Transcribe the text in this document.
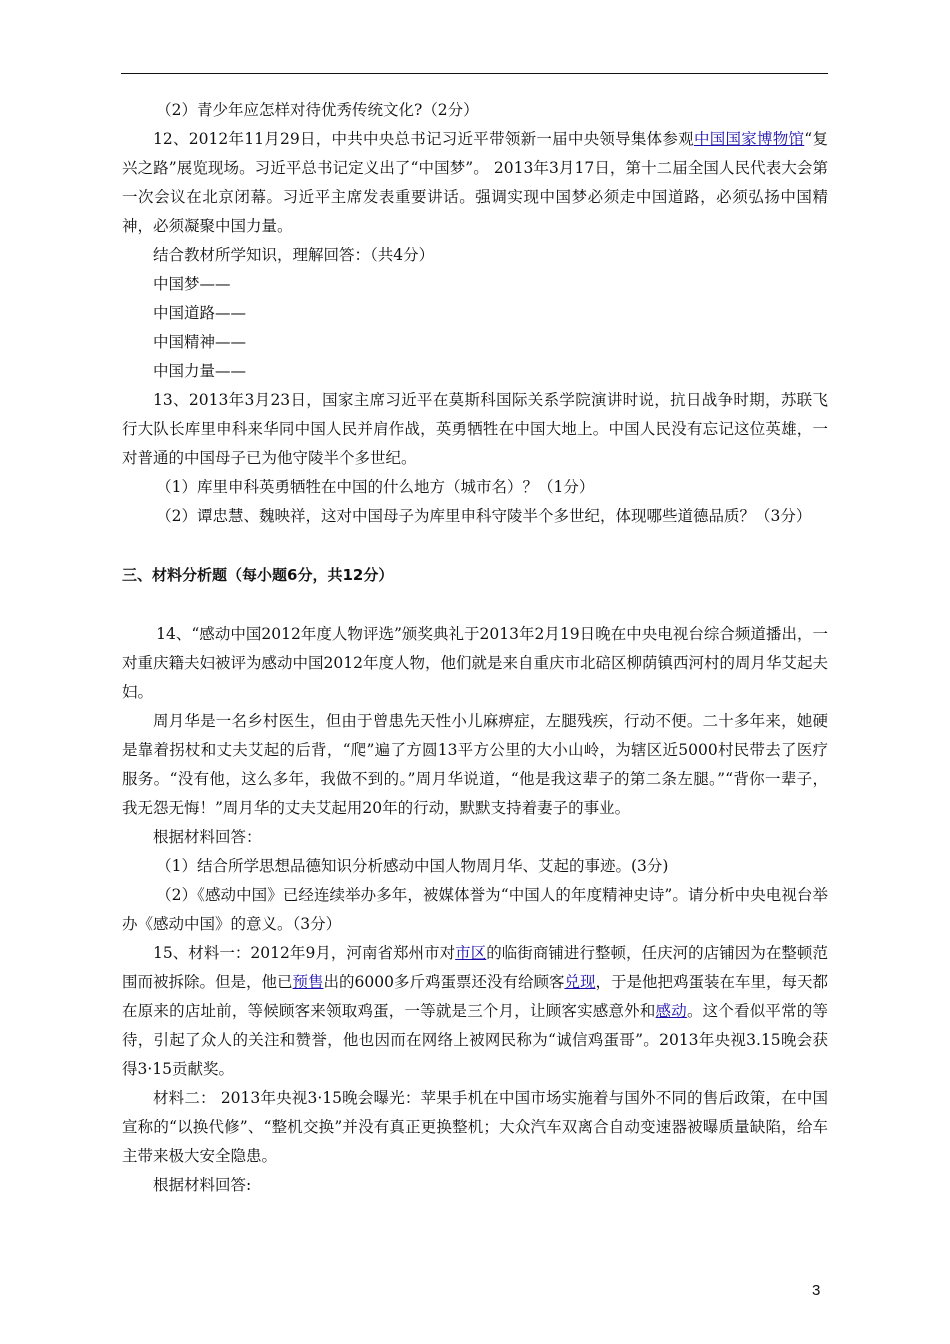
（2）青少年应怎样对待优秀传统文化?（2分）

12、2012年11月29日，中共中央总书记习近平带领新一届中央领导集体参观中国国家博物馆“复兴之路”展览现场。习近平总书记定义出了“中国梦”。 2013年3月17日，第十二届全国人民代表大会第一次会议在北京闭幕。习近平主席发表重要讲话。强调实现中国梦必须走中国道路，必须弘扬中国精神，必须凝聚中国力量。

结合教材所学知识，理解回答：（共4分）

中国梦——

中国道路——

中国精神——

中国力量——

13、2013年3月23日，国家主席习近平在莫斯科国际关系学院演讲时说，抗日战争时期，苏联飞行大队长库里申科来华同中国人民并肩作战，英勇牺牲在中国大地上。中国人民没有忘记这位英雄，一对普通的中国母子已为他守陵半个多世纪。

（1）库里申科英勇牺牲在中国的什么地方（城市名）？（1分）

（2）谭忠慧、魏映祥，这对中国母子为库里申科守陵半个多世纪，体现哪些道德品质？（3分）

三、材料分析题（每小题6分，共12分）

14、“感动中国2012年度人物评选”颁奖典礼于2013年2月19日晚在中央电视台综合频道播出，一对重庆籍夫妇被评为感动中国2012年度人物，他们就是来自重庆市北碚区柳荫镇西河村的周月华艾起夫妇。

周月华是一名乡村医生，但由于曾患先天性小儿麻痹症，左腿残疾，行动不便。二十多年来，她硬是靠着拐杖和丈夫艾起的后背，“爬”遍了方圆13平方公里的大小山岭，为辖区近5000村民带去了医疗服务。“没有他，这么多年，我做不到的。”周月华说道，“他是我这辈子的第二条左腿。”“背你一辈子，我无怨无悔！”周月华的丈夫艾起用20年的行动，默默支持着妻子的事业。

根据材料回答：

（1）结合所学思想品德知识分析感动中国人物周月华、艾起的事迹。(3分)

（2）《感动中国》已经连续举办多年，被媒体誉为“中国人的年度精神史诗”。请分析中央电视台举办《感动中国》的意义。（3分）

15、材料一：2012年9月，河南省郑州市对市区的临街商铺进行整顿，任庆河的店铺因为在整顿范围而被拆除。但是，他已预售出的6000多斤鸡蛋票还没有给顾客兑现，于是他把鸡蛋装在车里，每天都在原来的店址前，等候顾客来领取鸡蛋，一等就是三个月，让顾客实感意外和感动。这个看似平常的等待，引起了众人的关注和赞誉，他也因而在网络上被网民称为“诚信鸡蛋哥”。2013年央视3.15晚会获得3·15贡献奖。

材料二： 2013年央视3·15晚会曝光：苹果手机在中国市场实施着与国外不同的售后政策，在中国宣称的“以换代修”、“整机交换”并没有真正更换整机；大众汽车双离合自动变速器被曝质量缺陷，给车主带来极大安全隐患。

根据材料回答:

3
